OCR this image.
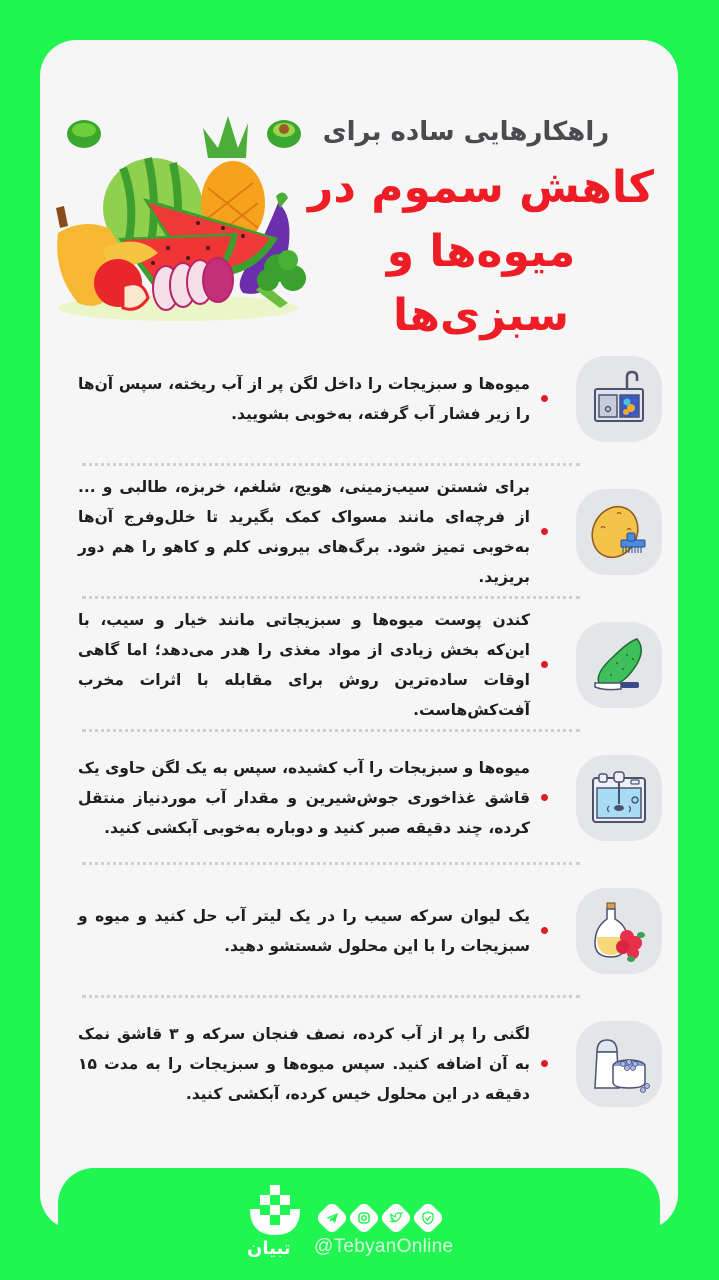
راهکارهایی ساده برای
کاهش سموم در
میوه‌ها و سبزی‌ها
میوه‌ها و سبزیجات را داخل لگن پر از آب ریخته، سپس آن‌ها را زیر فشار آب گرفته، به‌خوبی بشویید.
برای شستن سیب‌زمینی، هویج، شلغم، خربزه، طالبی و ... از فرچه‌ای مانند مسواک کمک بگیرید تا خلل‌وفرج آن‌ها به‌خوبی تمیز شود. برگ‌های بیرونی کلم و کاهو را هم دور بریزید.
کندن پوست میوه‌ها و سبزیجاتی مانند خیار و سیب، با این‌که بخش زیادی از مواد مغذی را هدر می‌دهد؛ اما گاهی اوقات ساده‌ترین روش برای مقابله با اثرات مخرب آفت‌کش‌هاست.
میوه‌ها و سبزیجات را آب کشیده، سپس به یک لگن حاوی یک قاشق غذاخوری جوش‌شیرین و مقدار آب موردنیاز منتقل کرده، چند دقیقه صبر کنید و دوباره به‌خوبی آبکشی کنید.
یک لیوان سرکه سیب را در یک لیتر آب حل کنید و میوه و سبزیجات را با این محلول شستشو دهید.
لگنی را پر از آب کرده، نصف فنجان سرکه و ۳ قاشق نمک به آن اضافه کنید. سپس میوه‌ها و سبزیجات را به مدت ۱۵ دقیقه در این محلول خیس کرده، آبکشی کنید.
تبیان @TebyanOnline
